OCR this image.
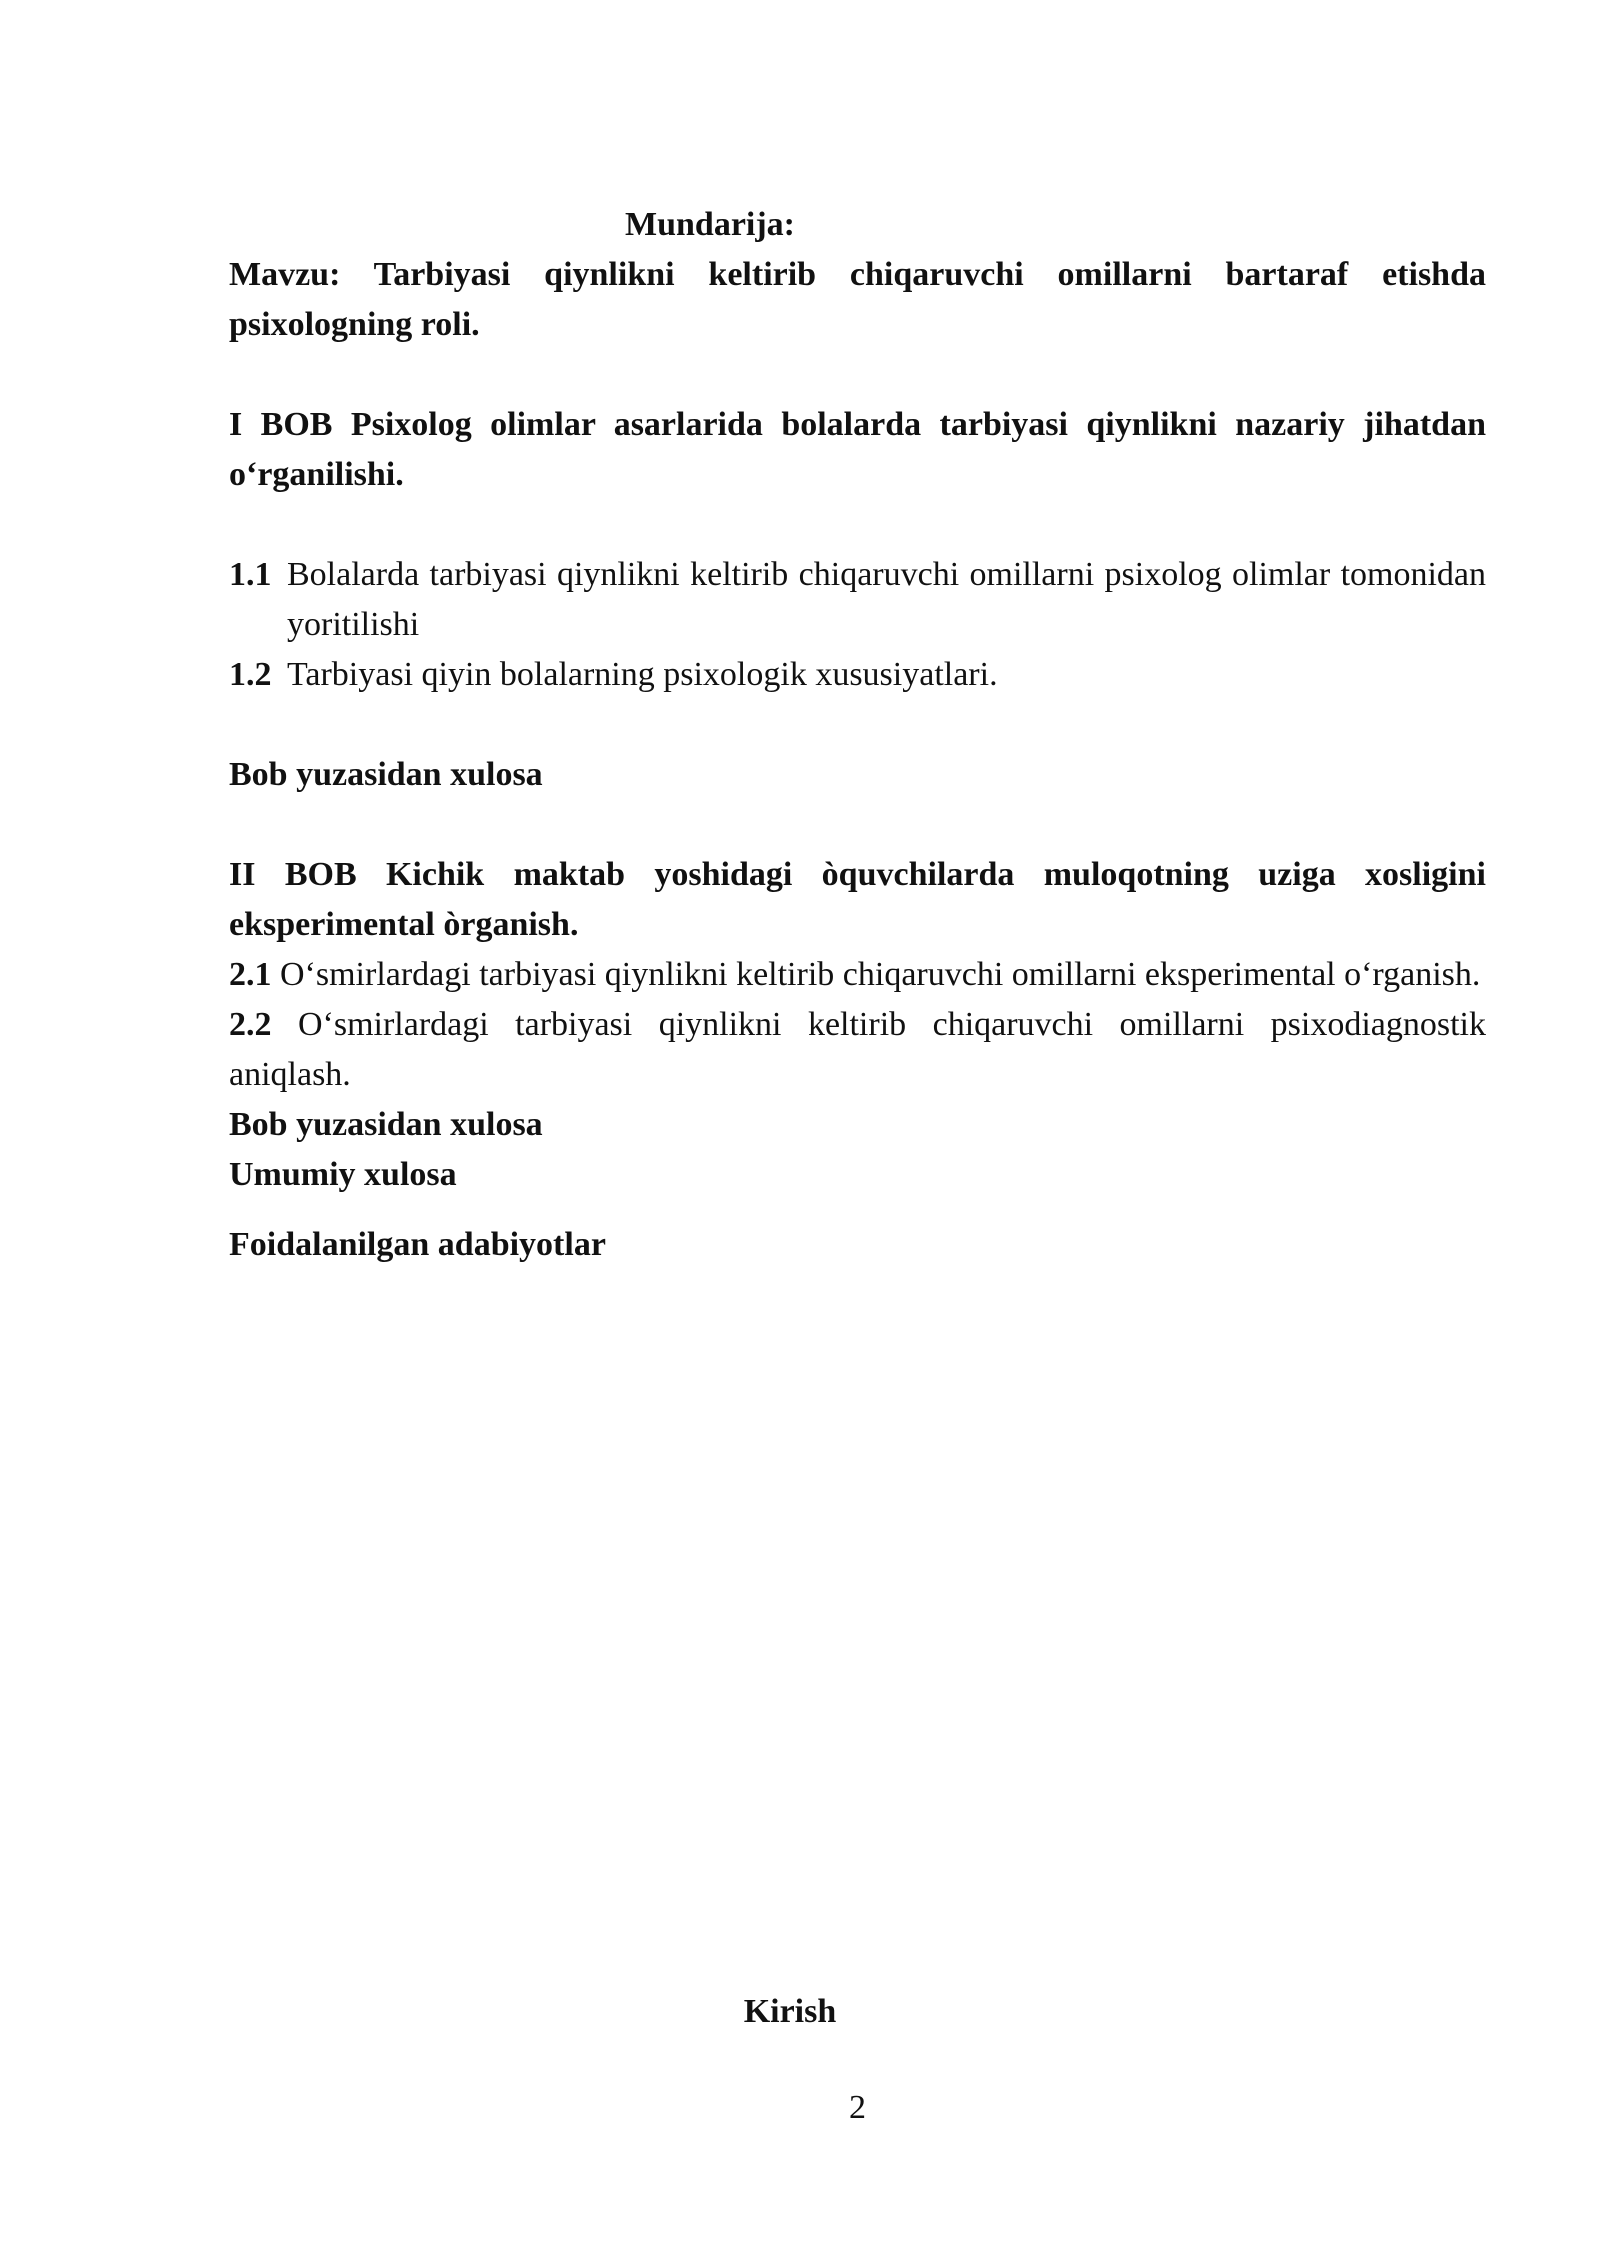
Mundarija:
Mavzu: Tarbiyasi qiynlikni keltirib chiqaruvchi omillarni bartaraf etishda psixologning roli.
I BOB Psixolog olimlar asarlarida bolalarda tarbiyasi qiynlikni nazariy jihatdan o‘rganilishi.
1.1 Bolalarda tarbiyasi qiynlikni keltirib chiqaruvchi omillarni psixolog olimlar tomonidan yoritilishi
1.2 Tarbiyasi qiyin bolalarning psixologik xususiyatlari.
Bob yuzasidan xulosa
II BOB Kichik maktab yoshidagi òquvchilarda muloqotning uziga xosligini eksperimental òrganish.
2.1 O‘smirlardagi tarbiyasi qiynlikni keltirib chiqaruvchi omillarni eksperimental o‘rganish.
2.2 O‘smirlardagi tarbiyasi qiynlikni keltirib chiqaruvchi omillarni psixodiagnostik aniqlash.
Bob yuzasidan xulosa
Umumiy xulosa
Foidalanilgan adabiyotlar
Kirish
2
